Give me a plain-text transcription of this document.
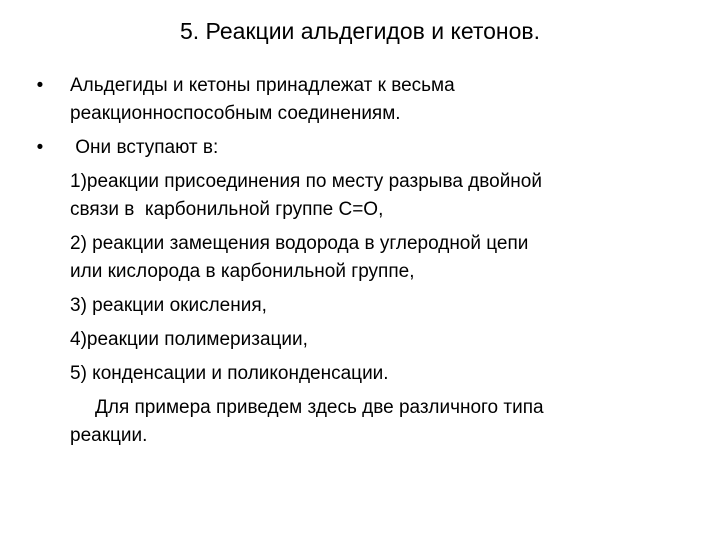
5. Реакции альдегидов и кетонов.
•	Альдегиды и кетоны принадлежат к весьма
реакционноспособным соединениям.
•	Они вступают в:
1)реакции присоединения по месту разрыва двойной
связи в  карбонильной группе С=О,
2) реакции замещения водорода в углеродной цепи
или кислорода в карбонильной группе,
3) реакции окисления,
4)реакции полимеризации,
5) конденсации и поликонденсации.
Для примера приведем здесь две различного типа
реакции.
